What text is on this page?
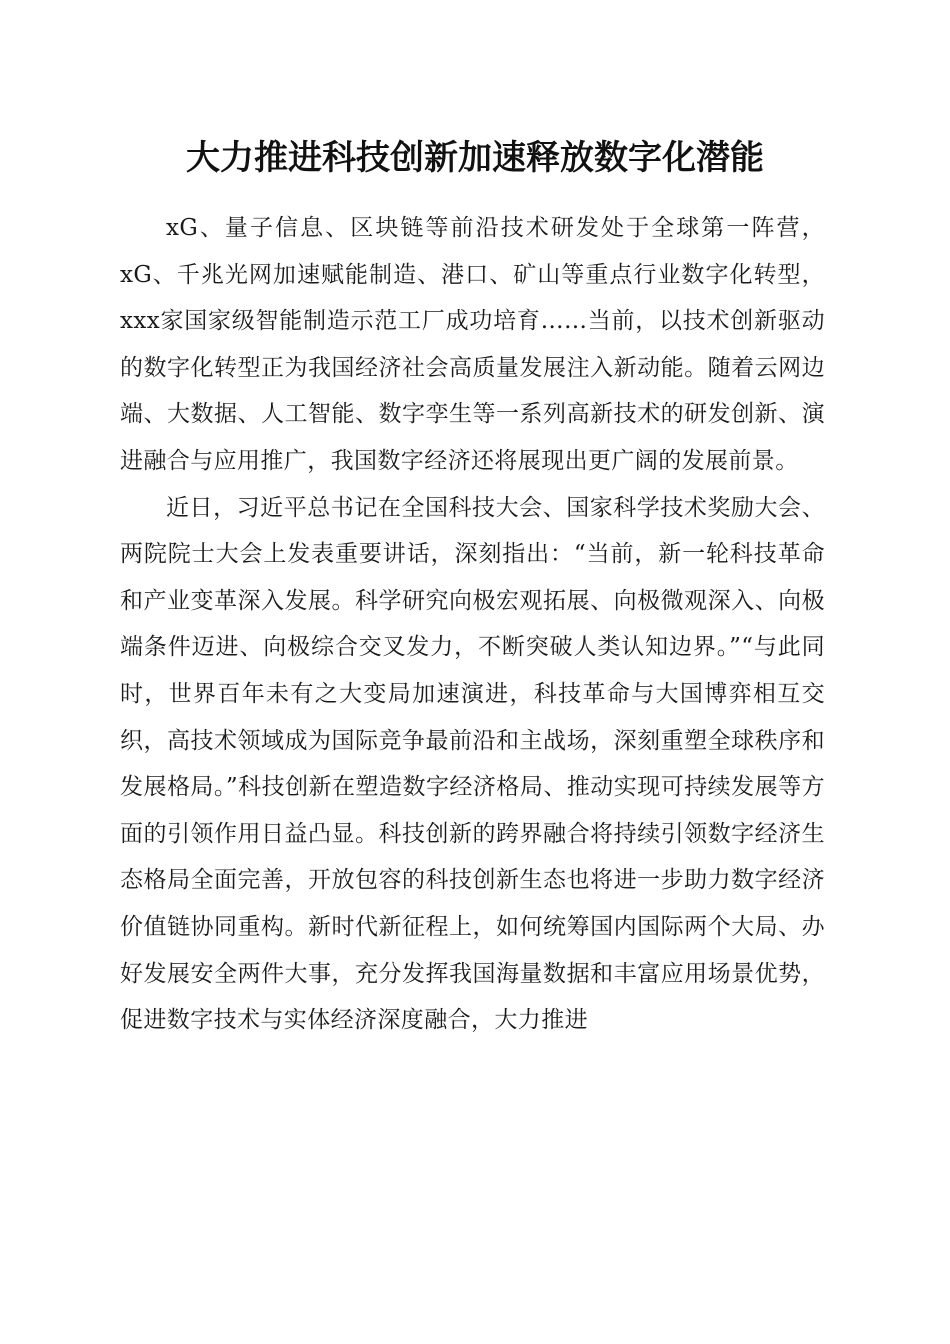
大力推进科技创新加速释放数字化潜能

xG、量子信息、区块链等前沿技术研发处于全球第一阵营，xG、千兆光网加速赋能制造、港口、矿山等重点行业数字化转型，xxx家国家级智能制造示范工厂成功培育……当前，以技术创新驱动的数字化转型正为我国经济社会高质量发展注入新动能。随着云网边端、大数据、人工智能、数字孪生等一系列高新技术的研发创新、演进融合与应用推广，我国数字经济还将展现出更广阔的发展前景。

近日，习近平总书记在全国科技大会、国家科学技术奖励大会、两院院士大会上发表重要讲话，深刻指出：“当前，新一轮科技革命和产业变革深入发展。科学研究向极宏观拓展、向极微观深入、向极端条件迈进、向极综合交叉发力，不断突破人类认知边界。”“与此同时，世界百年未有之大变局加速演进，科技革命与大国博弈相互交织，高技术领域成为国际竞争最前沿和主战场，深刻重塑全球秩序和发展格局。”科技创新在塑造数字经济格局、推动实现可持续发展等方面的引领作用日益凸显。科技创新的跨界融合将持续引领数字经济生态格局全面完善，开放包容的科技创新生态也将进一步助力数字经济价值链协同重构。新时代新征程上，如何统筹国内国际两个大局、办好发展安全两件大事，充分发挥我国海量数据和丰富应用场景优势，促进数字技术与实体经济深度融合，大力推进
